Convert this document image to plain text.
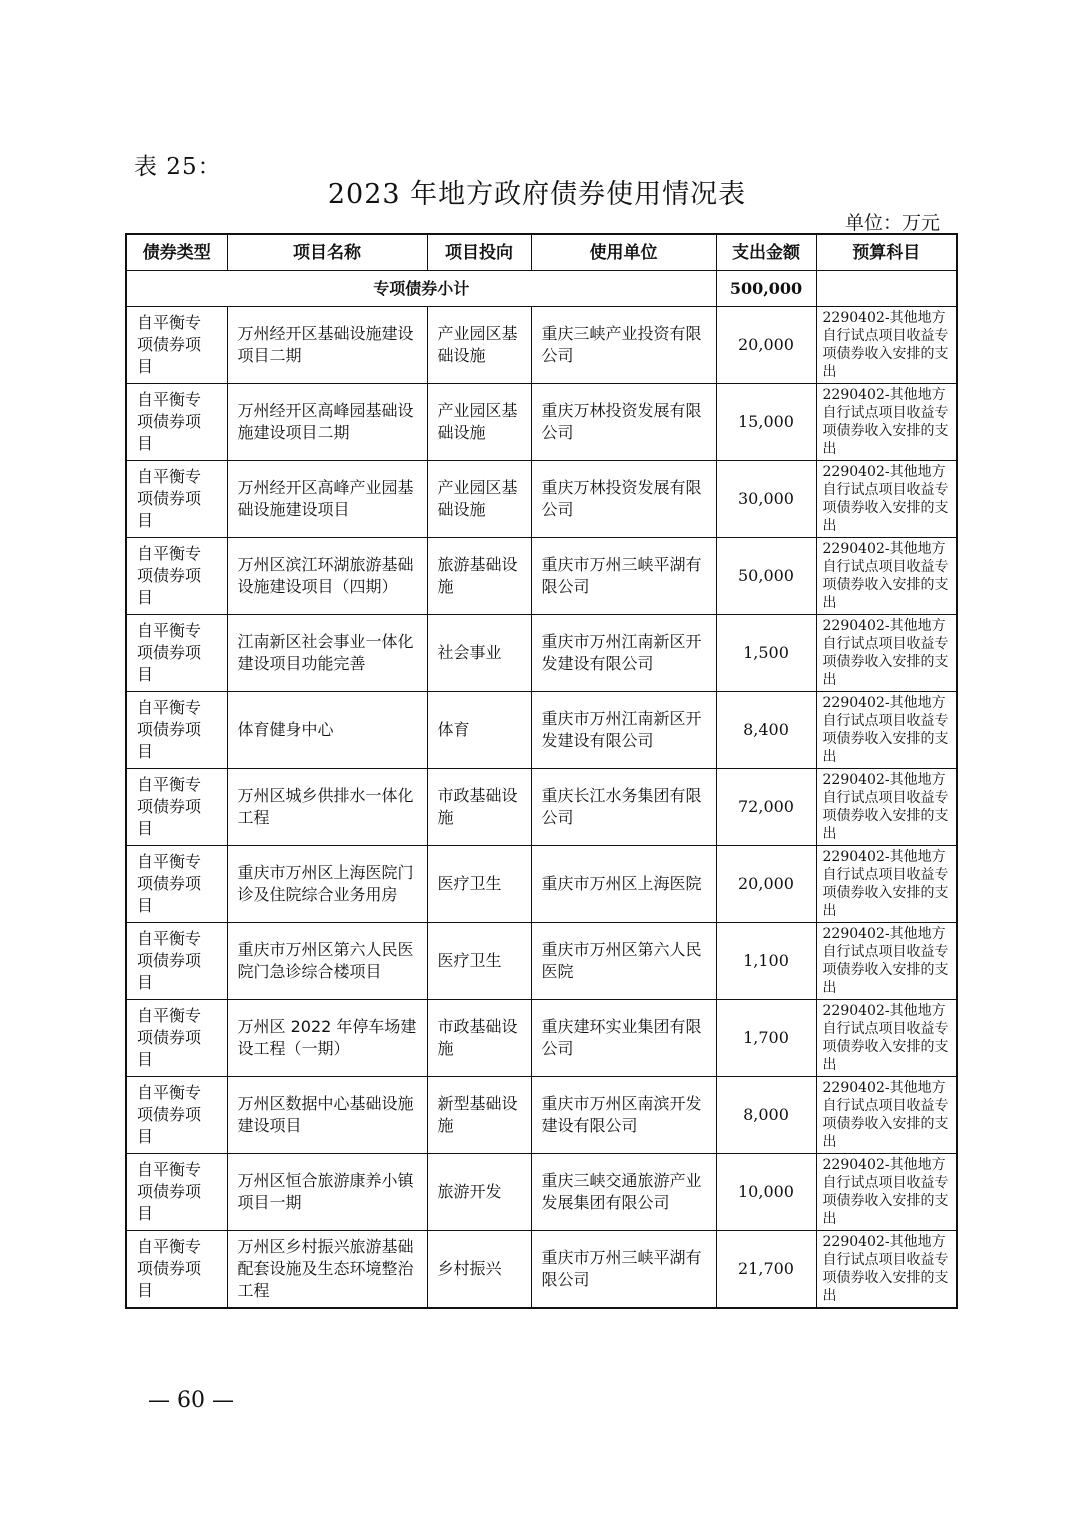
表 25：
2023 年地方政府债券使用情况表
单位：万元
债券类型	项目名称	项目投向	使用单位	支出金额	预算科目
专项债券小计				500,000	
自平衡专项债券项目	万州经开区基础设施建设项目二期	产业园区基础设施	重庆三峡产业投资有限公司	20,000	2290402-其他地方自行试点项目收益专项债券收入安排的支出
自平衡专项债券项目	万州经开区高峰园基础设施建设项目二期	产业园区基础设施	重庆万林投资发展有限公司	15,000	2290402-其他地方自行试点项目收益专项债券收入安排的支出
自平衡专项债券项目	万州经开区高峰产业园基础设施建设项目	产业园区基础设施	重庆万林投资发展有限公司	30,000	2290402-其他地方自行试点项目收益专项债券收入安排的支出
自平衡专项债券项目	万州区滨江环湖旅游基础设施建设项目（四期）	旅游基础设施	重庆市万州三峡平湖有限公司	50,000	2290402-其他地方自行试点项目收益专项债券收入安排的支出
自平衡专项债券项目	江南新区社会事业一体化建设项目功能完善	社会事业	重庆市万州江南新区开发建设有限公司	1,500	2290402-其他地方自行试点项目收益专项债券收入安排的支出
自平衡专项债券项目	体育健身中心	体育	重庆市万州江南新区开发建设有限公司	8,400	2290402-其他地方自行试点项目收益专项债券收入安排的支出
自平衡专项债券项目	万州区城乡供排水一体化工程	市政基础设施	重庆长江水务集团有限公司	72,000	2290402-其他地方自行试点项目收益专项债券收入安排的支出
自平衡专项债券项目	重庆市万州区上海医院门诊及住院综合业务用房	医疗卫生	重庆市万州区上海医院	20,000	2290402-其他地方自行试点项目收益专项债券收入安排的支出
自平衡专项债券项目	重庆市万州区第六人民医院门急诊综合楼项目	医疗卫生	重庆市万州区第六人民医院	1,100	2290402-其他地方自行试点项目收益专项债券收入安排的支出
自平衡专项债券项目	万州区 2022 年停车场建设工程（一期）	市政基础设施	重庆建环实业集团有限公司	1,700	2290402-其他地方自行试点项目收益专项债券收入安排的支出
自平衡专项债券项目	万州区数据中心基础设施建设项目	新型基础设施	重庆市万州区南滨开发建设有限公司	8,000	2290402-其他地方自行试点项目收益专项债券收入安排的支出
自平衡专项债券项目	万州区恒合旅游康养小镇项目一期	旅游开发	重庆三峡交通旅游产业发展集团有限公司	10,000	2290402-其他地方自行试点项目收益专项债券收入安排的支出
自平衡专项债券项目	万州区乡村振兴旅游基础配套设施及生态环境整治工程	乡村振兴	重庆市万州三峡平湖有限公司	21,700	2290402-其他地方自行试点项目收益专项债券收入安排的支出
— 60 —
